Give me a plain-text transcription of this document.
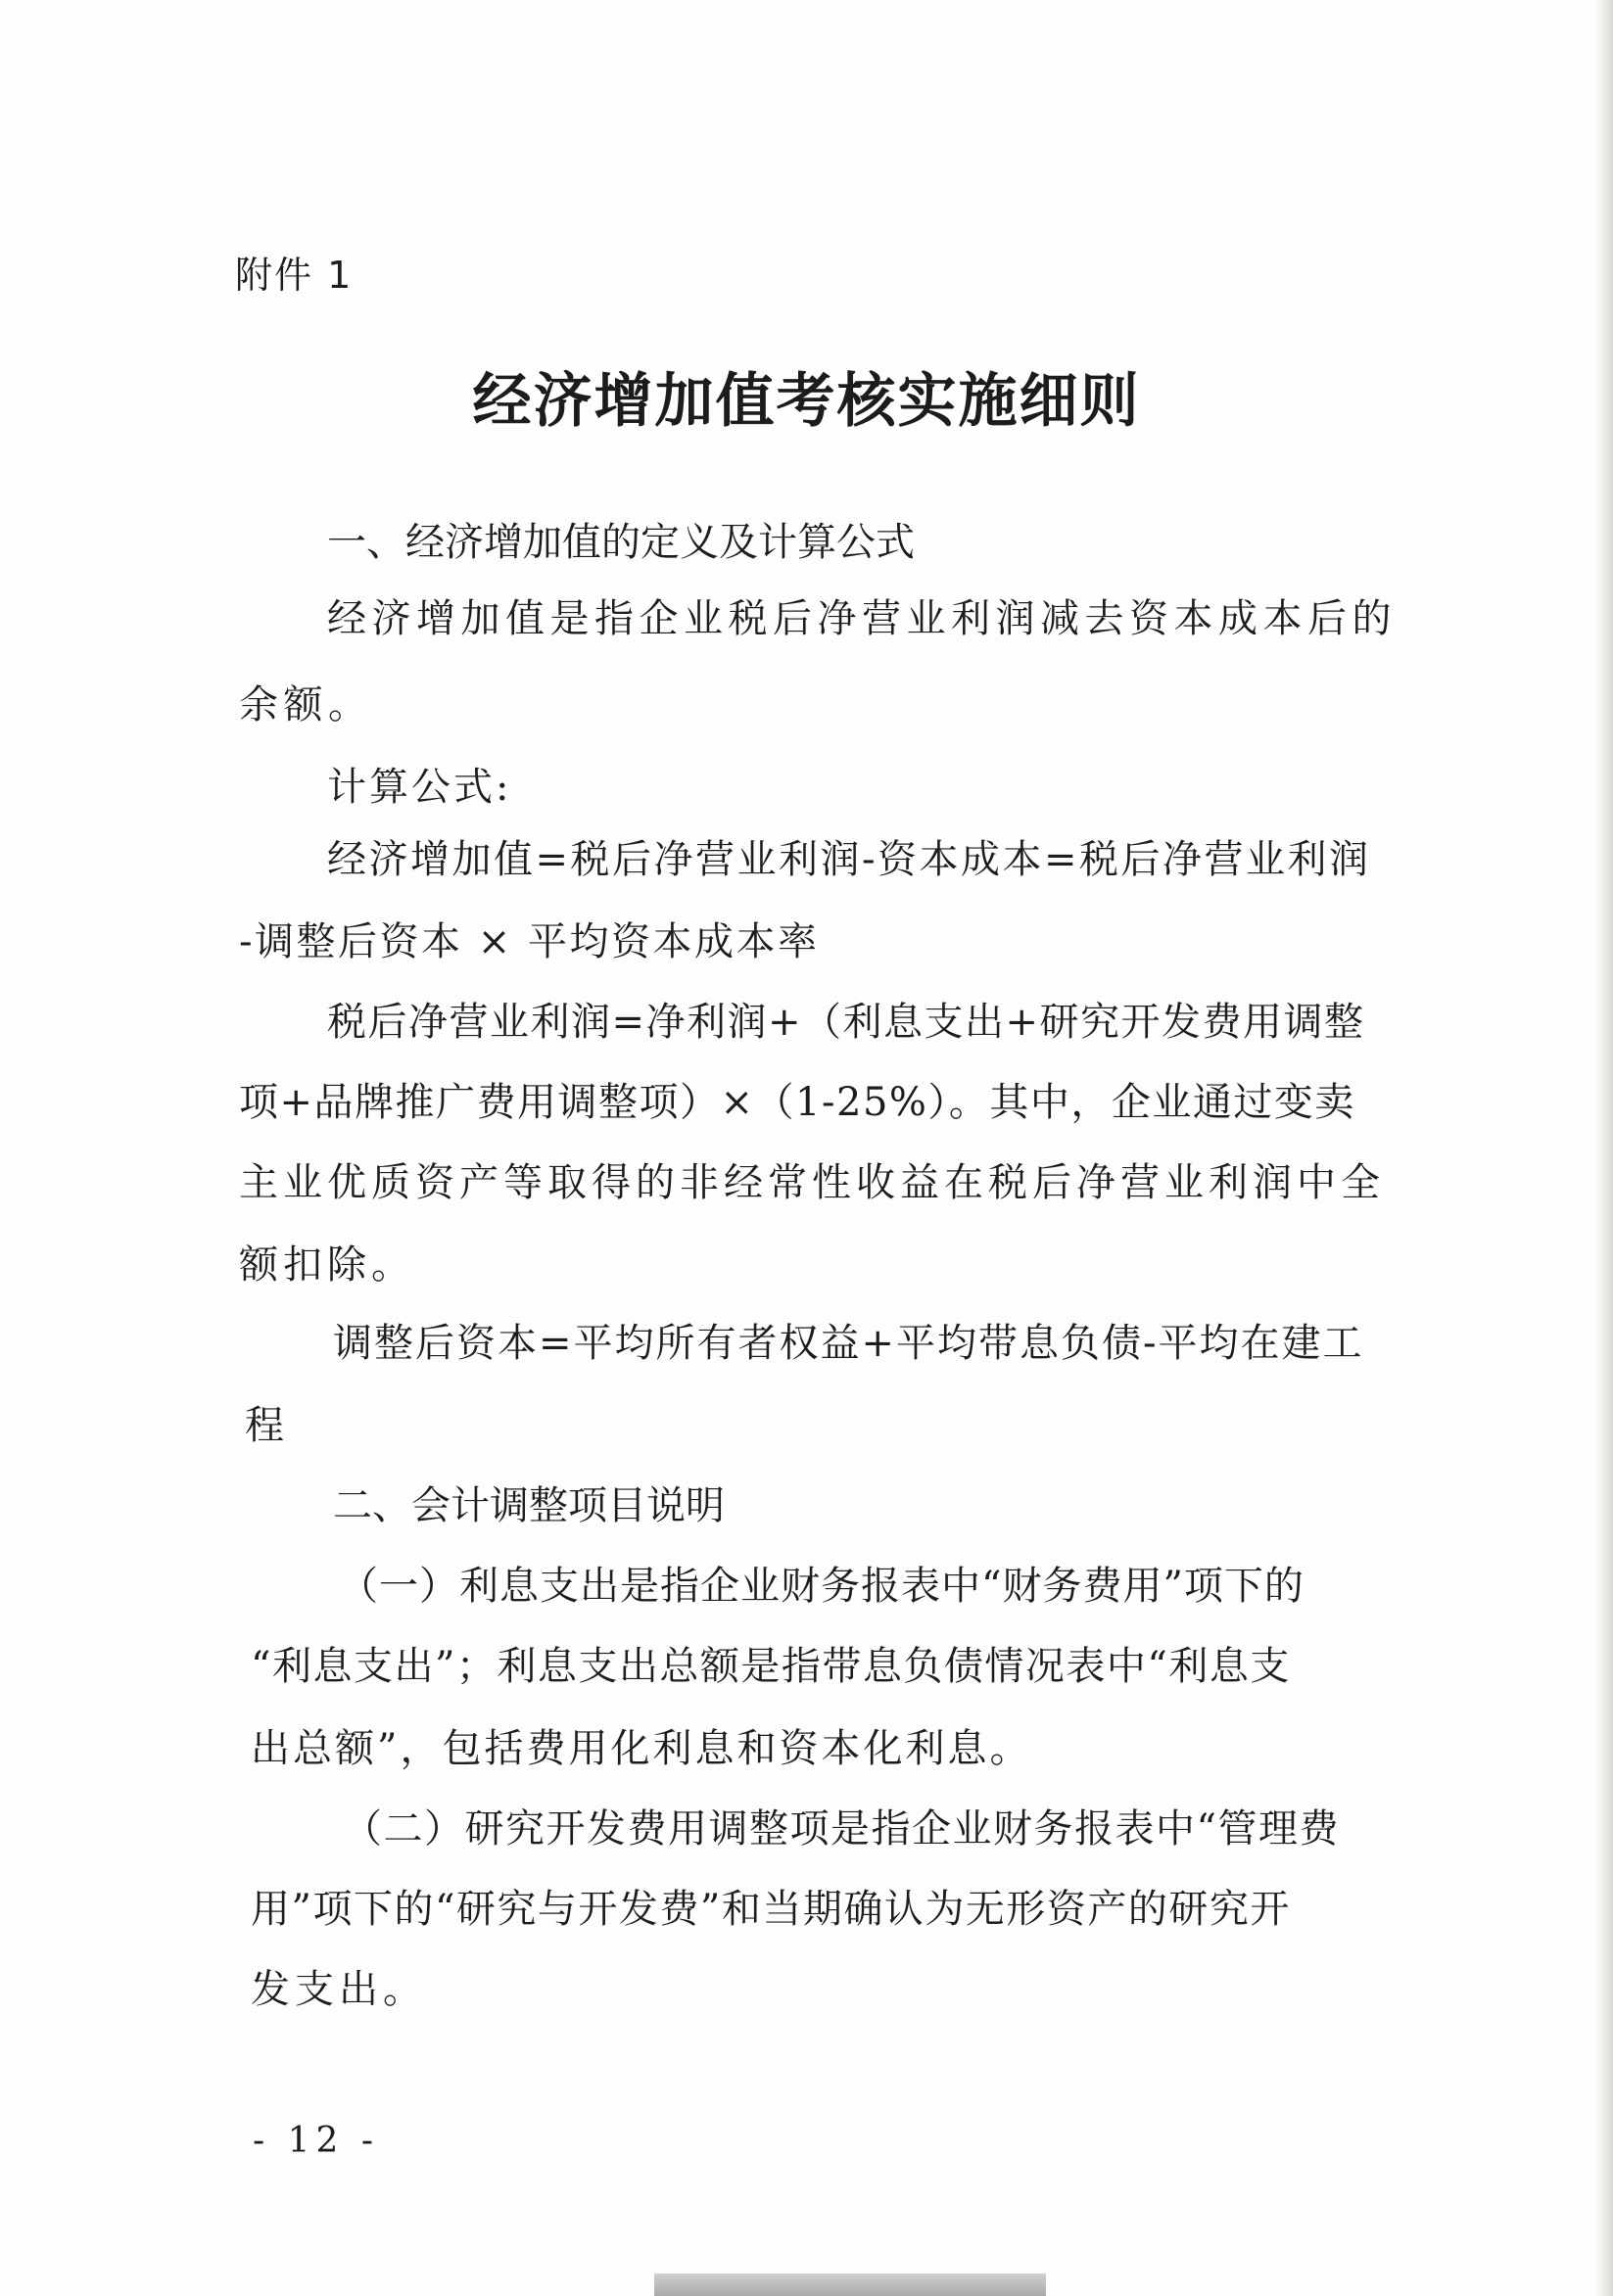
附件 1
经济增加值考核实施细则
一、经济增加值的定义及计算公式
经济增加值是指企业税后净营业利润减去资本成本后的
余额。
计算公式:
经济增加值=税后净营业利润-资本成本=税后净营业利润
-调整后资本 × 平均资本成本率
税后净营业利润=净利润+（利息支出+研究开发费用调整
项+品牌推广费用调整项）×（1-25%）。其中，企业通过变卖
主业优质资产等取得的非经常性收益在税后净营业利润中全
额扣除。
调整后资本=平均所有者权益+平均带息负债-平均在建工
程
二、会计调整项目说明
（一）利息支出是指企业财务报表中“财务费用”项下的
“利息支出”；利息支出总额是指带息负债情况表中“利息支
出总额”，包括费用化利息和资本化利息。
（二）研究开发费用调整项是指企业财务报表中“管理费
用”项下的“研究与开发费”和当期确认为无形资产的研究开
发支出。
- 12 -
